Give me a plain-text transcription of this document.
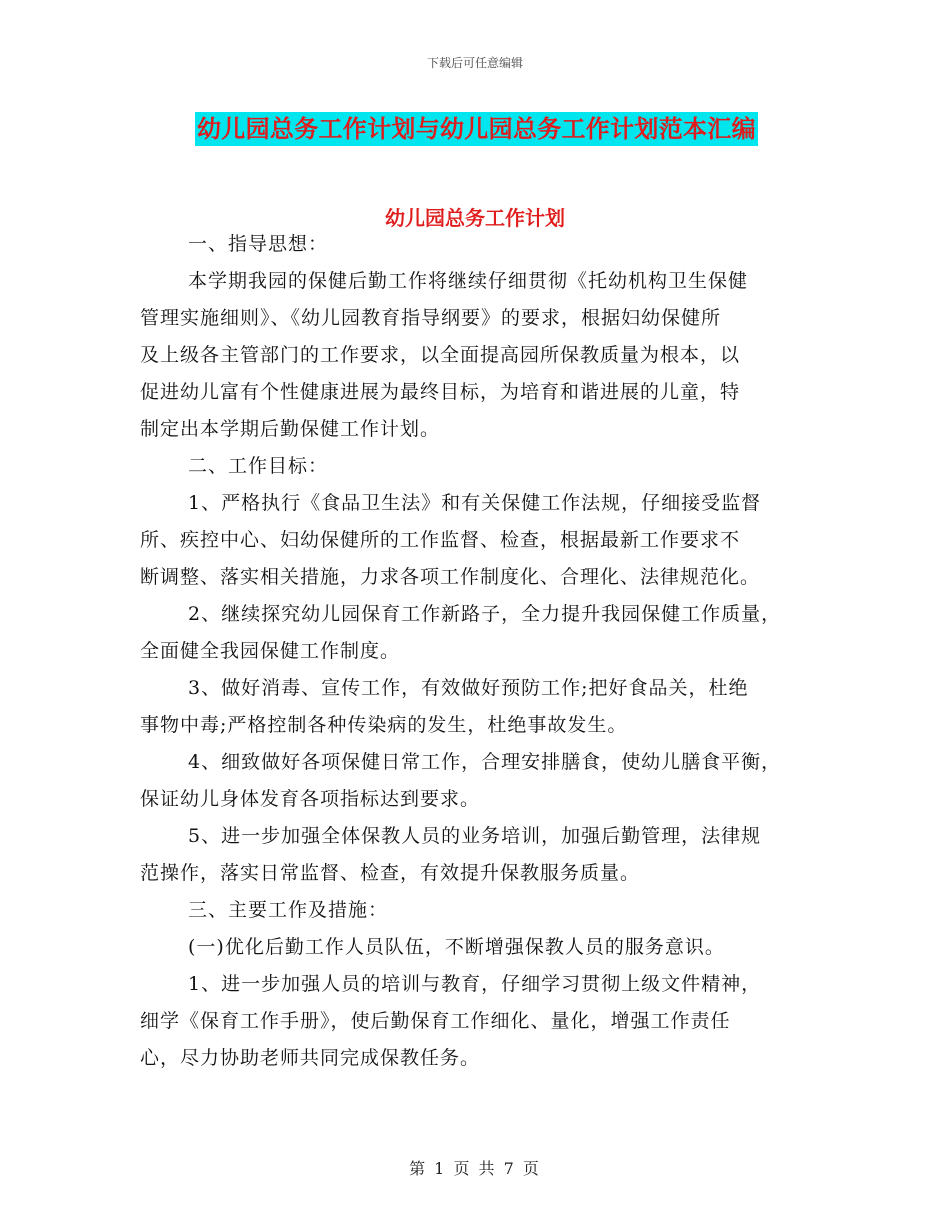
下载后可任意编辑
幼儿园总务工作计划与幼儿园总务工作计划范本汇编
幼儿园总务工作计划
一、指导思想：
本学期我园的保健后勤工作将继续仔细贯彻《托幼机构卫生保健
管理实施细则》、《幼儿园教育指导纲要》的要求，根据妇幼保健所
及上级各主管部门的工作要求，以全面提高园所保教质量为根本，以
促进幼儿富有个性健康进展为最终目标，为培育和谐进展的儿童，特
制定出本学期后勤保健工作计划。
二、工作目标：
1、严格执行《食品卫生法》和有关保健工作法规，仔细接受监督
所、疾控中心、妇幼保健所的工作监督、检查，根据最新工作要求不
断调整、落实相关措施，力求各项工作制度化、合理化、法律规范化。
2、继续探究幼儿园保育工作新路子，全力提升我园保健工作质量，
全面健全我园保健工作制度。
3、做好消毒、宣传工作，有效做好预防工作;把好食品关，杜绝
事物中毒;严格控制各种传染病的发生，杜绝事故发生。
4、细致做好各项保健日常工作，合理安排膳食，使幼儿膳食平衡，
保证幼儿身体发育各项指标达到要求。
5、进一步加强全体保教人员的业务培训，加强后勤管理，法律规
范操作，落实日常监督、检查，有效提升保教服务质量。
三、主要工作及措施：
(一)优化后勤工作人员队伍，不断增强保教人员的服务意识。
1、进一步加强人员的培训与教育，仔细学习贯彻上级文件精神，
细学《保育工作手册》，使后勤保育工作细化、量化，增强工作责任
心，尽力协助老师共同完成保教任务。
第 1 页 共 7 页
